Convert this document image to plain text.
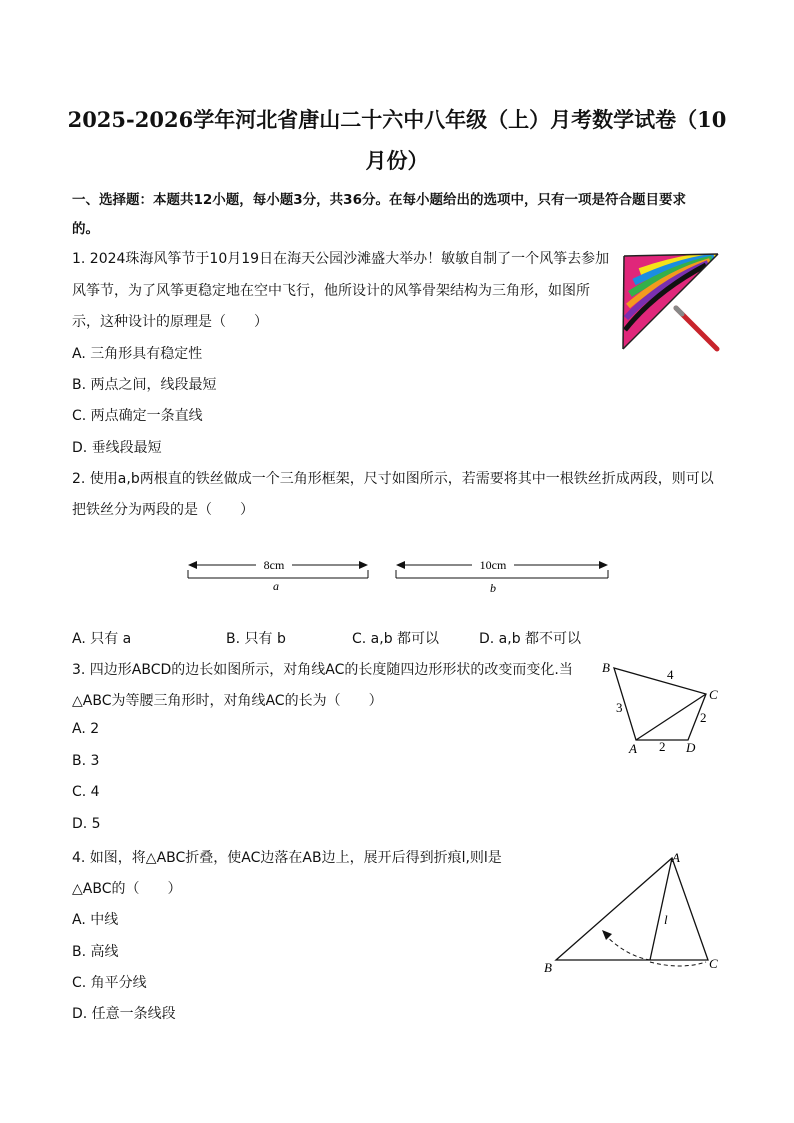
2025-2026学年河北省唐山二十六中八年级（上）月考数学试卷（10
月份）
一、选择题：本题共12小题，每小题3分，共36分。在每小题给出的选项中，只有一项是符合题目要求
的。
1. 2024珠海风筝节于10月19日在海天公园沙滩盛大举办！敏敏自制了一个风筝去参加
风筝节，为了风筝更稳定地在空中飞行，他所设计的风筝骨架结构为三角形，如图所
示，这种设计的原理是（　　）
A. 三角形具有稳定性
B. 两点之间，线段最短
C. 两点确定一条直线
D. 垂线段最短
2. 使用a,b两根直的铁丝做成一个三角形框架，尺寸如图所示，若需要将其中一根铁丝折成两段，则可以
把铁丝分为两段的是（　　）
8cm
a
10cm
b
A. 只有 a	B. 只有 b	C. a,b 都可以	D. a,b 都不可以
3. 四边形ABCD的边长如图所示，对角线AC的长度随四边形形状的改变而变化.当
△ABC为等腰三角形时，对角线AC的长为（　　）
A. 2
B. 3
C. 4
D. 5
B
C
A	D
4
3
2
2
4. 如图，将△ABC折叠，使AC边落在AB边上，展开后得到折痕l,则l是
△ABC的（　　）
A. 中线
B. 高线
C. 角平分线
D. 任意一条线段
A
B	C
l
